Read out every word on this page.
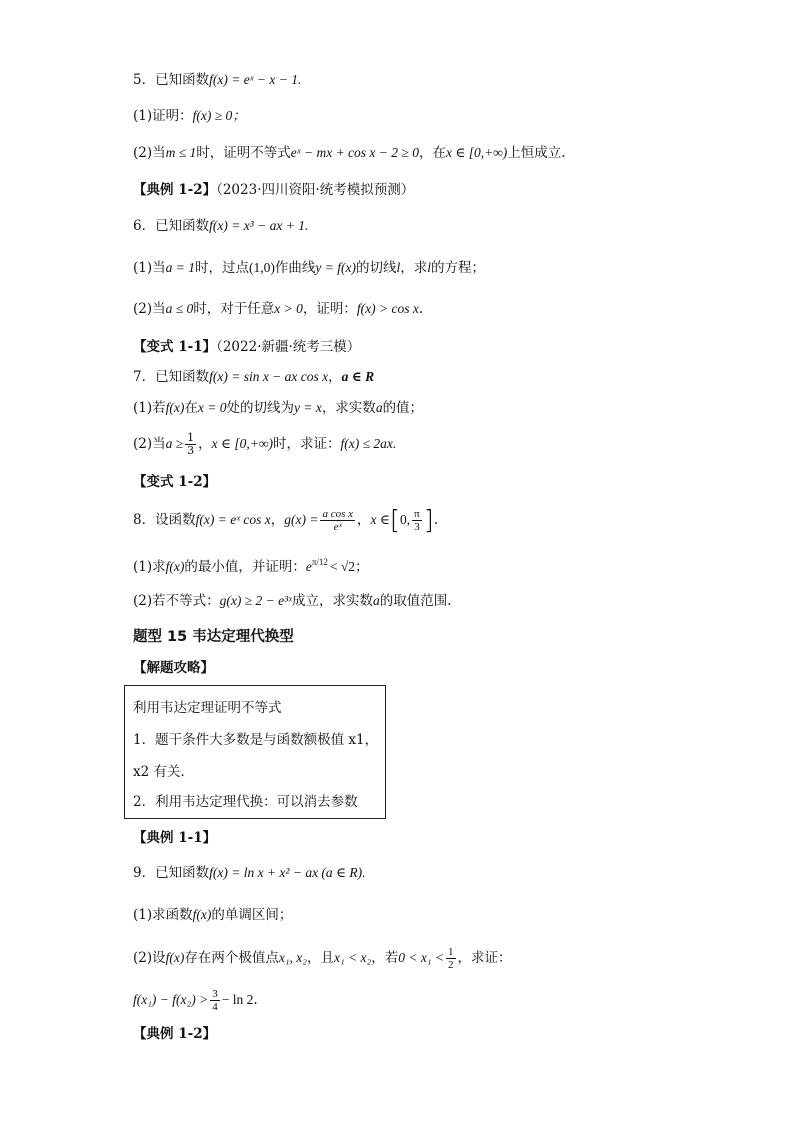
5．已知函数f(x) = eˣ − x − 1.
(1)证明：f(x) ≥ 0；
(2)当m ≤ 1时，证明不等式eˣ − mx + cos x − 2 ≥ 0，在x ∈ [0,+∞)上恒成立.
【典例 1-2】（2023·四川资阳·统考模拟预测）
6．已知函数f(x) = x³ − ax + 1.
(1)当a = 1时，过点(1,0)作曲线y = f(x)的切线l，求l的方程；
(2)当a ≤ 0时，对于任意x > 0，证明：f(x) > cos x.
【变式 1-1】（2022·新疆·统考三模）
7．已知函数f(x) = sin x − ax cos x，a ∈ R
(1)若f(x)在x = 0处的切线为y = x，求实数a的值；
(2)当$a \ge \frac{1}{3}$ ，x ∈ [0,+∞)时，求证：f(x) ≤ 2ax.
【变式 1-2】
8．设函数f(x) = eˣ cos x，$g(x) = \frac{\text{a cos x}}{\text{eˣ}}$ ，x ∈[0, $\frac{\pi}{3}$ ].
(1)求f(x)的最小值，并证明：$e^{\pi/12} < √2$；
(2)若不等式：g(x) ≥ 2 − e³ˣ成立，求实数a的取值范围.
题型 15 韦达定理代换型
【解题攻略】
利用韦达定理证明不等式
1．题干条件大多数是与函数额极值 x1，
x2 有关．
2．利用韦达定理代换：可以消去参数
【典例 1-1】
9．已知函数f(x) = ln x + x² − ax (a ∈ R).
(1)求函数f(x)的单调区间；
(2)设f(x)存在两个极值点x₁, x₂，且x₁ < x₂，若$0 < x_1 < \frac{1}{2}$ ，求证：
$f(x_1) - f(x_2) > \frac{3}{4} - \ln 2$.
【典例 1-2】
